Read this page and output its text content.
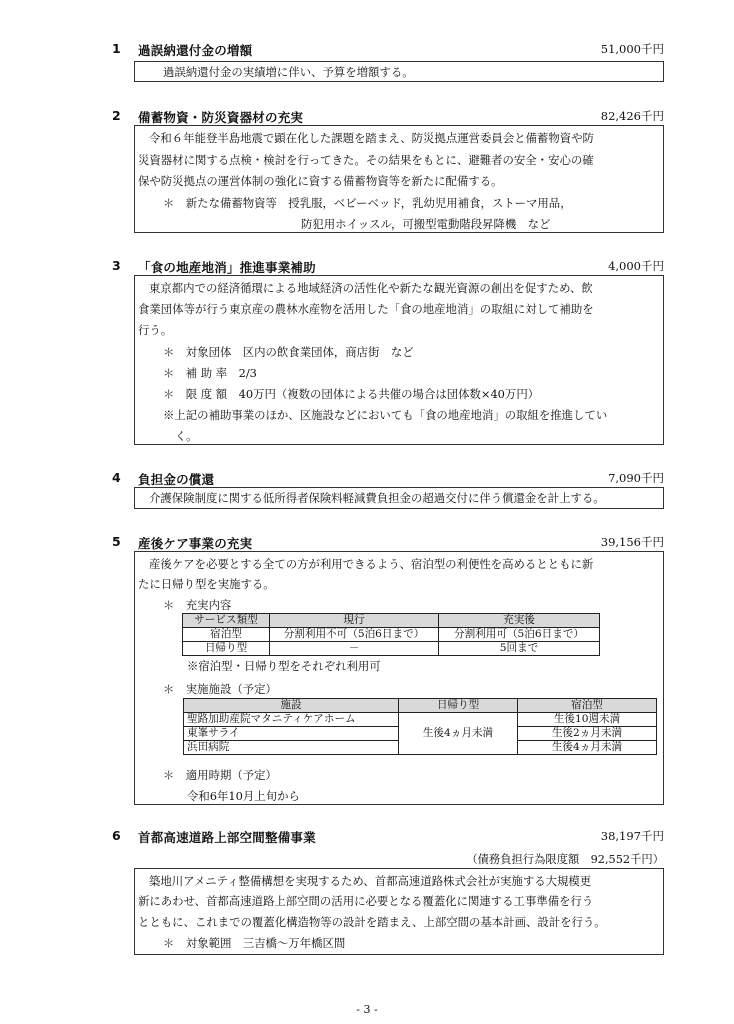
1 過誤納還付金の増額	51,000千円
過誤納還付金の実績増に伴い、予算を増額する。
2 備蓄物資・防災資器材の充実	82,426千円
令和６年能登半島地震で顕在化した課題を踏まえ、防災拠点運営委員会と備蓄物資や防
災資器材に関する点検・検討を行ってきた。その結果をもとに、避難者の安全・安心の確
保や防災拠点の運営体制の強化に資する備蓄物資等を新たに配備する。
＊　新たな備蓄物資等　授乳服，ベビーベッド，乳幼児用補食，ストーマ用品，
防犯用ホイッスル，可搬型電動階段昇降機　など
3 「食の地産地消」推進事業補助	4,000千円
東京都内での経済循環による地域経済の活性化や新たな観光資源の創出を促すため、飲
食業団体等が行う東京産の農林水産物を活用した「食の地産地消」の取組に対して補助を
行う。
＊　対象団体　区内の飲食業団体，商店街　など
＊　補 助 率　2/3
＊　限 度 額　40万円（複数の団体による共催の場合は団体数×40万円）
※上記の補助事業のほか、区施設などにおいても「食の地産地消」の取組を推進してい
く。
4 負担金の償還	7,090千円
介護保険制度に関する低所得者保険料軽減費負担金の超過交付に伴う償還金を計上する。
5 産後ケア事業の充実	39,156千円
産後ケアを必要とする全ての方が利用できるよう、宿泊型の利便性を高めるとともに新
たに日帰り型を実施する。
＊　充実内容
サービス類型	現行	充実後
宿泊型	分割利用不可（5泊6日まで）	分割利用可（5泊6日まで）
日帰り型	－	5回まで
※宿泊型・日帰り型をそれぞれ利用可
＊　実施施設（予定）
施設	日帰り型	宿泊型
聖路加助産院マタニティケアホーム	生後4ヵ月未満	生後10週未満
東峯サライ		生後2ヵ月未満
浜田病院		生後4ヵ月未満
＊　適用時期（予定）
令和6年10月上旬から
6 首都高速道路上部空間整備事業	38,197千円
（債務負担行為限度額　92,552千円）
築地川アメニティ整備構想を実現するため、首都高速道路株式会社が実施する大規模更
新にあわせ、首都高速道路上部空間の活用に必要となる覆蓋化に関連する工事準備を行う
とともに、これまでの覆蓋化構造物等の設計を踏まえ、上部空間の基本計画、設計を行う。
＊　対象範囲　三吉橋～万年橋区間
- 3 -
